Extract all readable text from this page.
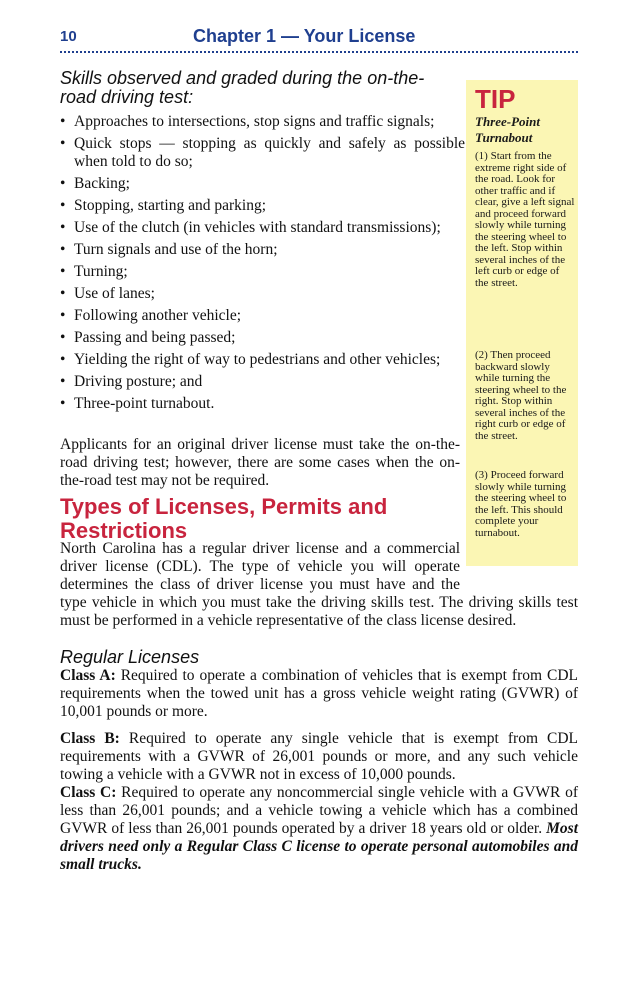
10	Chapter 1 — Your License
Skills observed and graded during the on-the-road driving test:
• Approaches to intersections, stop signs and traffic signals;
• Quick stops — stopping as quickly and safely as possible when told to do so;
• Backing;
• Stopping, starting and parking;
• Use of the clutch (in vehicles with standard transmissions);
• Turn signals and use of the horn;
• Turning;
• Use of lanes;
• Following another vehicle;
• Passing and being passed;
• Yielding the right of way to pedestrians and other vehicles;
• Driving posture; and
• Three-point turnabout.

Applicants for an original driver license must take the on-the-road driving test; however, there are some cases when the on-the-road test may not be required.

Types of Licenses, Permits and Restrictions
North Carolina has a regular driver license and a commercial
driver license (CDL). The type of vehicle you will operate
determines the class of driver license you must have and the
type vehicle in which you must take the driving skills test. The driving skills test
must be performed in a vehicle representative of the class license desired.
Regular Licenses

Class A: Required to operate a combination of vehicles that is exempt from CDL requirements when the towed unit has a gross vehicle weight rating (GVWR) of 10,001 pounds or more.

Class B: Required to operate any single vehicle that is exempt from CDL requirements with a GVWR of 26,001 pounds or more, and any such vehicle towing a vehicle with a GVWR not in excess of 10,000 pounds.

Class C: Required to operate any noncommercial single vehicle with a GVWR of less than 26,001 pounds; and a vehicle towing a vehicle which has a combined GVWR of less than 26,001 pounds operated by a driver 18 years old or older. Most drivers need only a Regular Class C license to operate personal automobiles and small trucks.

TIP
Three-Point Turnabout
(1) Start from the extreme right side of the road. Look for other traffic and if clear, give a left signal and proceed forward slowly while turning the steering wheel to the left. Stop within several inches of the left curb or edge of the street.
(2) Then proceed backward slowly while turning the steering wheel to the right. Stop within several inches of the right curb or edge of the street.
(3) Proceed forward slowly while turning the steering wheel to the left. This should complete your turnabout.
